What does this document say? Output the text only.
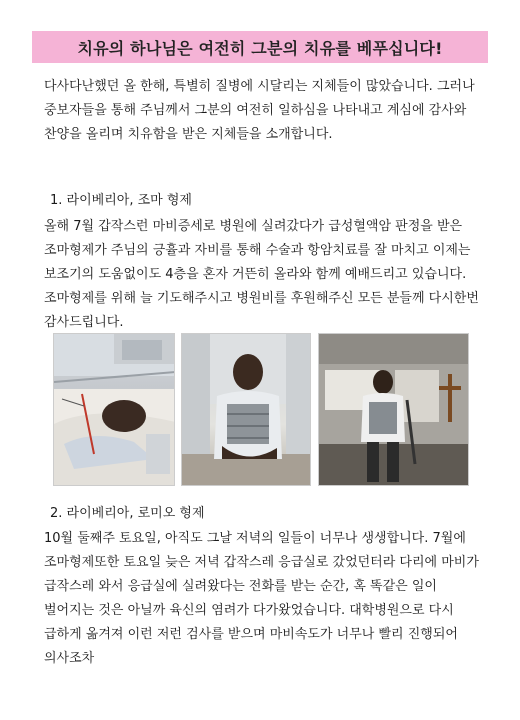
치유의 하나님은 여전히 그분의 치유를 베푸십니다!

다사다난했던 올 한해, 특별히 질병에 시달리는 지체들이 많았습니다. 그러나 중보자들을 통해 주님께서 그분의 여전히 일하심을 나타내고 계심에 감사와 찬양을 올리며 치유함을 받은 지체들을 소개합니다.

1. 라이베리아, 조마 형제

올해 7월 갑작스런 마비증세로 병원에 실려갔다가 급성혈액암 판정을 받은 조마형제가 주님의 긍휼과 자비를 통해 수술과 항암치료를 잘 마치고 이제는 보조기의 도움없이도 4층을 혼자 거뜬히 올라와 함께 예배드리고 있습니다. 조마형제를 위해 늘 기도해주시고 병원비를 후원해주신 모든 분들께 다시한번 감사드립니다.

2. 라이베리아, 로미오 형제

10월 둘째주 토요일, 아직도 그날 저녁의 일들이 너무나 생생합니다. 7월에 조마형제또한 토요일 늦은 저녁 갑작스레 응급실로 갔었던터라 다리에 마비가 급작스레 와서 응급실에 실려왔다는 전화를 받는 순간, 혹 똑같은 일이 벌어지는 것은 아닐까 육신의 염려가 다가왔었습니다. 대학병원으로 다시 급하게 옮겨져 이런 저런 검사를 받으며 마비속도가 너무나 빨리 진행되어 의사조차
